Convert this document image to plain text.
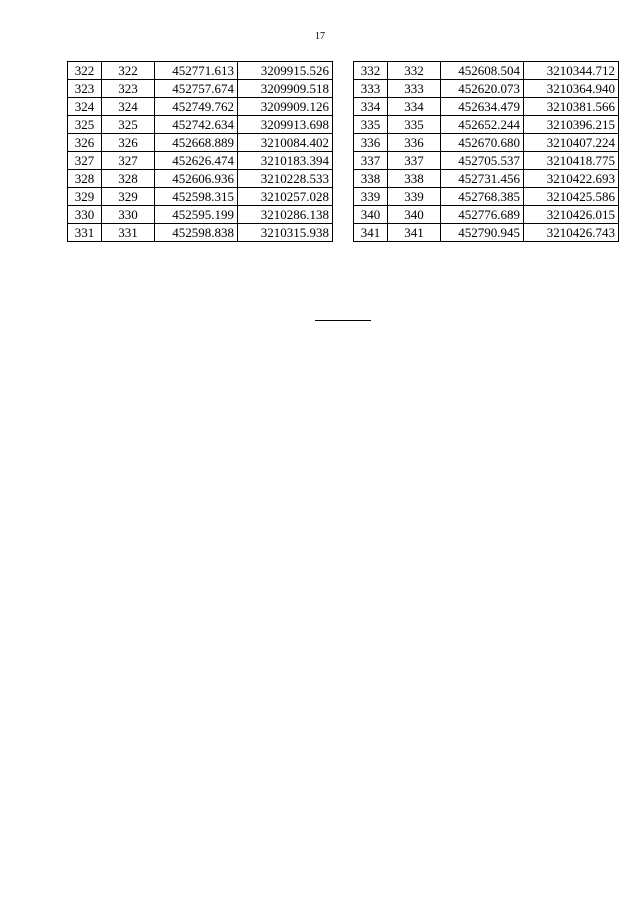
17
322	322	452771.613	3209915.526
323	323	452757.674	3209909.518
324	324	452749.762	3209909.126
325	325	452742.634	3209913.698
326	326	452668.889	3210084.402
327	327	452626.474	3210183.394
328	328	452606.936	3210228.533
329	329	452598.315	3210257.028
330	330	452595.199	3210286.138
331	331	452598.838	3210315.938
332	332	452608.504	3210344.712
333	333	452620.073	3210364.940
334	334	452634.479	3210381.566
335	335	452652.244	3210396.215
336	336	452670.680	3210407.224
337	337	452705.537	3210418.775
338	338	452731.456	3210422.693
339	339	452768.385	3210425.586
340	340	452776.689	3210426.015
341	341	452790.945	3210426.743
